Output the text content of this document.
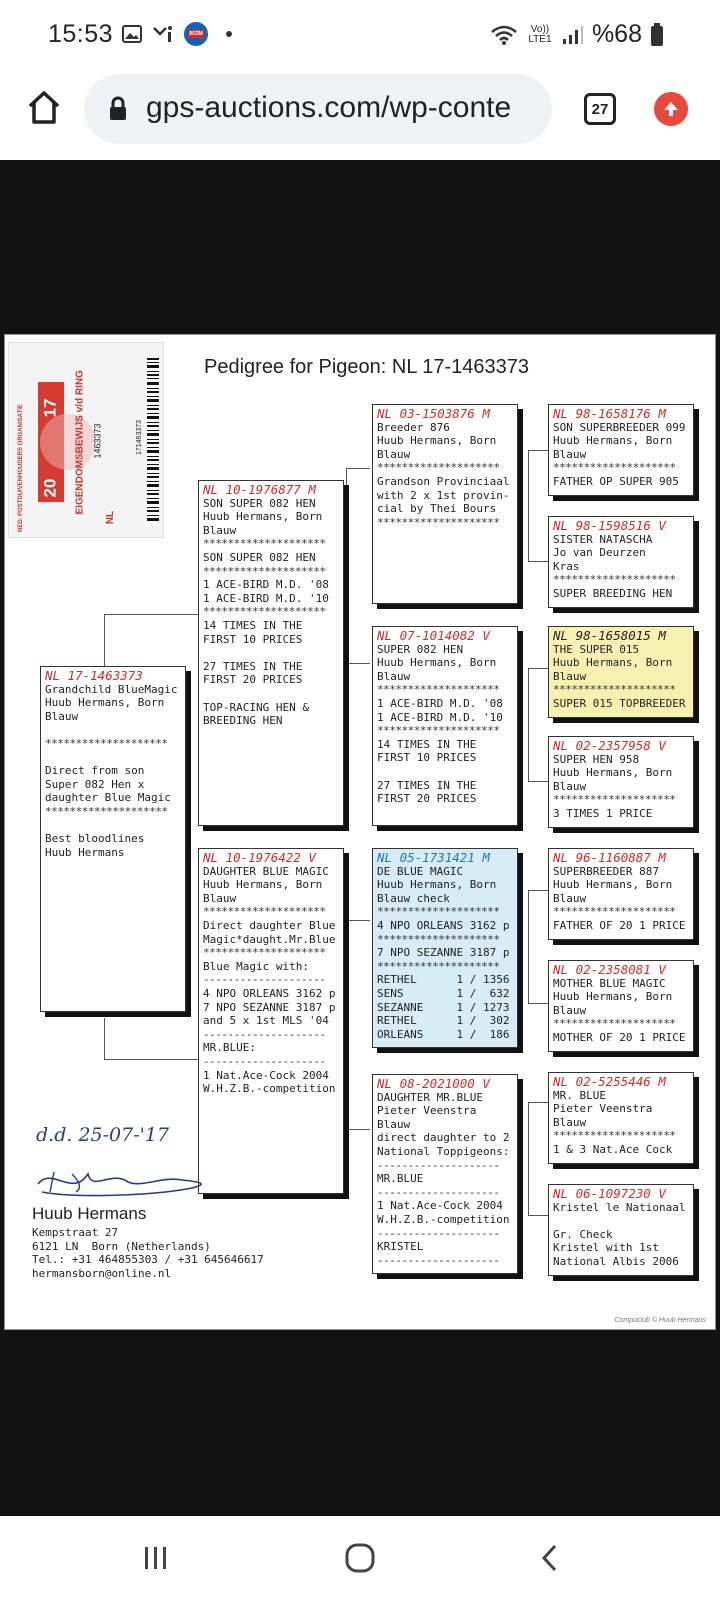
15:53	BİZİM	Vo)) LTE1 %68
gps-auctions.com/wp-conte	27
Pedigree for Pigeon: NL 17-1463373
NED. POSTDUIVENHOUDERS ORGANISATIE 20
17 EIGENDOMSBEWIJS v/d RING
NL
1463373	171463373
NL 17-1463373
Grandchild BlueMagic
Huub Hermans, Born
Blauw

********************

Direct from son
Super 082 Hen x
daughter Blue Magic
********************

Best bloodlines
Huub Hermans
NL 10-1976877 M
SON SUPER 082 HEN
Huub Hermans, Born
Blauw
********************
SON SUPER 082 HEN
********************
1 ACE-BIRD M.D. '08
1 ACE-BIRD M.D. '10
********************
14 TIMES IN THE
FIRST 10 PRICES

27 TIMES IN THE
FIRST 20 PRICES

TOP-RACING HEN &
BREEDING HEN
NL 10-1976422 V
DAUGHTER BLUE MAGIC
Huub Hermans, Born
Blauw
********************
Direct daughter Blue
Magic*daught.Mr.Blue
********************
Blue Magic with:
--------------------
4 NPO ORLEANS 3162 p
7 NPO SEZANNE 3187 p
and 5 x 1st MLS '04
--------------------
MR.BLUE:
--------------------
1 Nat.Ace-Cock 2004
W.H.Z.B.-competition
NL 03-1503876 M
Breeder 876
Huub Hermans, Born
Blauw
********************
Grandson Provinciaal
with 2 x 1st provin-
cial by Thei Bours
********************
NL 07-1014082 V
SUPER 082 HEN
Huub Hermans, Born
Blauw
********************
1 ACE-BIRD M.D. '08
1 ACE-BIRD M.D. '10
********************
14 TIMES IN THE
FIRST 10 PRICES

27 TIMES IN THE
FIRST 20 PRICES
NL 05-1731421 M
DE BLUE MAGIC
Huub Hermans, Born
Blauw check
********************
4 NPO ORLEANS 3162 p
********************
7 NPO SEZANNE 3187 p
********************
RETHEL      1 / 1356
SENS        1 /  632
SEZANNE     1 / 1273
RETHEL      1 /  302
ORLEANS     1 /  186
NL 08-2021000 V
DAUGHTER MR.BLUE
Pieter Veenstra
Blauw
direct daughter to 2
National Toppigeons:
--------------------
MR.BLUE
--------------------
1 Nat.Ace-Cock 2004
W.H.Z.B.-competition
--------------------
KRISTEL
--------------------
NL 98-1658176 M
SON SUPERBREEDER 099
Huub Hermans, Born
Blauw
********************
FATHER OP SUPER 905
NL 98-1598516 V
SISTER NATASCHA
Jo van Deurzen
Kras
********************
SUPER BREEDING HEN
NL 98-1658015 M
THE SUPER 015
Huub Hermans, Born
Blauw
********************
SUPER 015 TOPBREEDER
NL 02-2357958 V
SUPER HEN 958
Huub Hermans, Born
Blauw
********************
3 TIMES 1 PRICE
NL 96-1160887 M
SUPERBREEDER 887
Huub Hermans, Born
Blauw
********************
FATHER OF 20 1 PRICE
NL 02-2358081 V
MOTHER BLUE MAGIC
Huub Hermans, Born
Blauw
********************
MOTHER OF 20 1 PRICE
NL 02-5255446 M
MR. BLUE
Pieter Veenstra
Blauw
********************
1 & 3 Nat.Ace Cock
NL 06-1097230 V
Kristel le Nationaal

Gr. Check
Kristel with 1st
National Albis 2006
d.d. 25-07-'17
Huub Hermans
Kempstraat 27
6121 LN  Born (Netherlands)
Tel.: +31 464855303 / +31 645646617
hermansborn@online.nl
Compuclub © Huub Hermans
